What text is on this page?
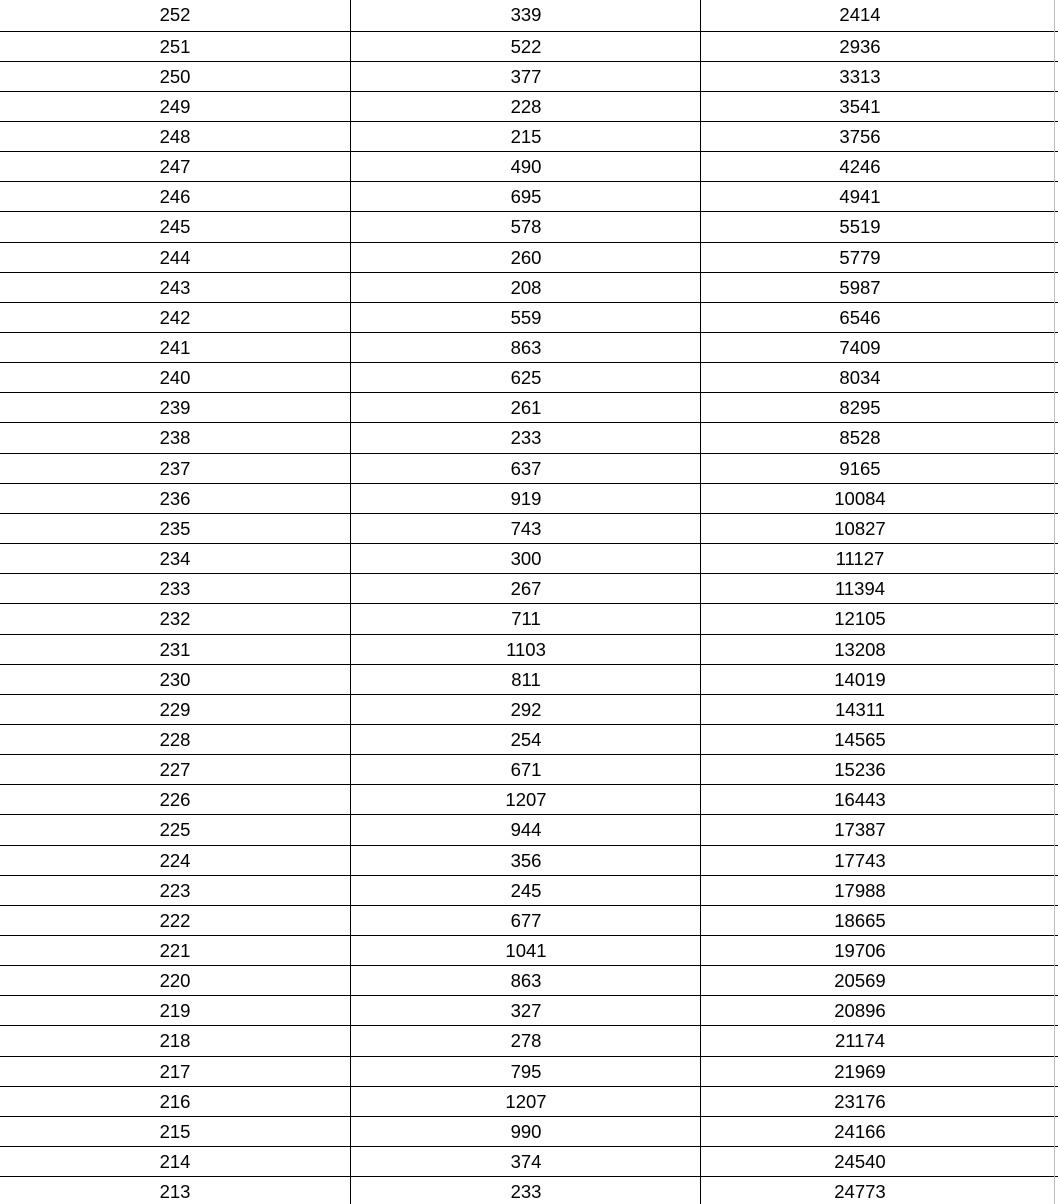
252	339	2414
251	522	2936
250	377	3313
249	228	3541
248	215	3756
247	490	4246
246	695	4941
245	578	5519
244	260	5779
243	208	5987
242	559	6546
241	863	7409
240	625	8034
239	261	8295
238	233	8528
237	637	9165
236	919	10084
235	743	10827
234	300	11127
233	267	11394
232	711	12105
231	1103	13208
230	811	14019
229	292	14311
228	254	14565
227	671	15236
226	1207	16443
225	944	17387
224	356	17743
223	245	17988
222	677	18665
221	1041	19706
220	863	20569
219	327	20896
218	278	21174
217	795	21969
216	1207	23176
215	990	24166
214	374	24540
213	233	24773
